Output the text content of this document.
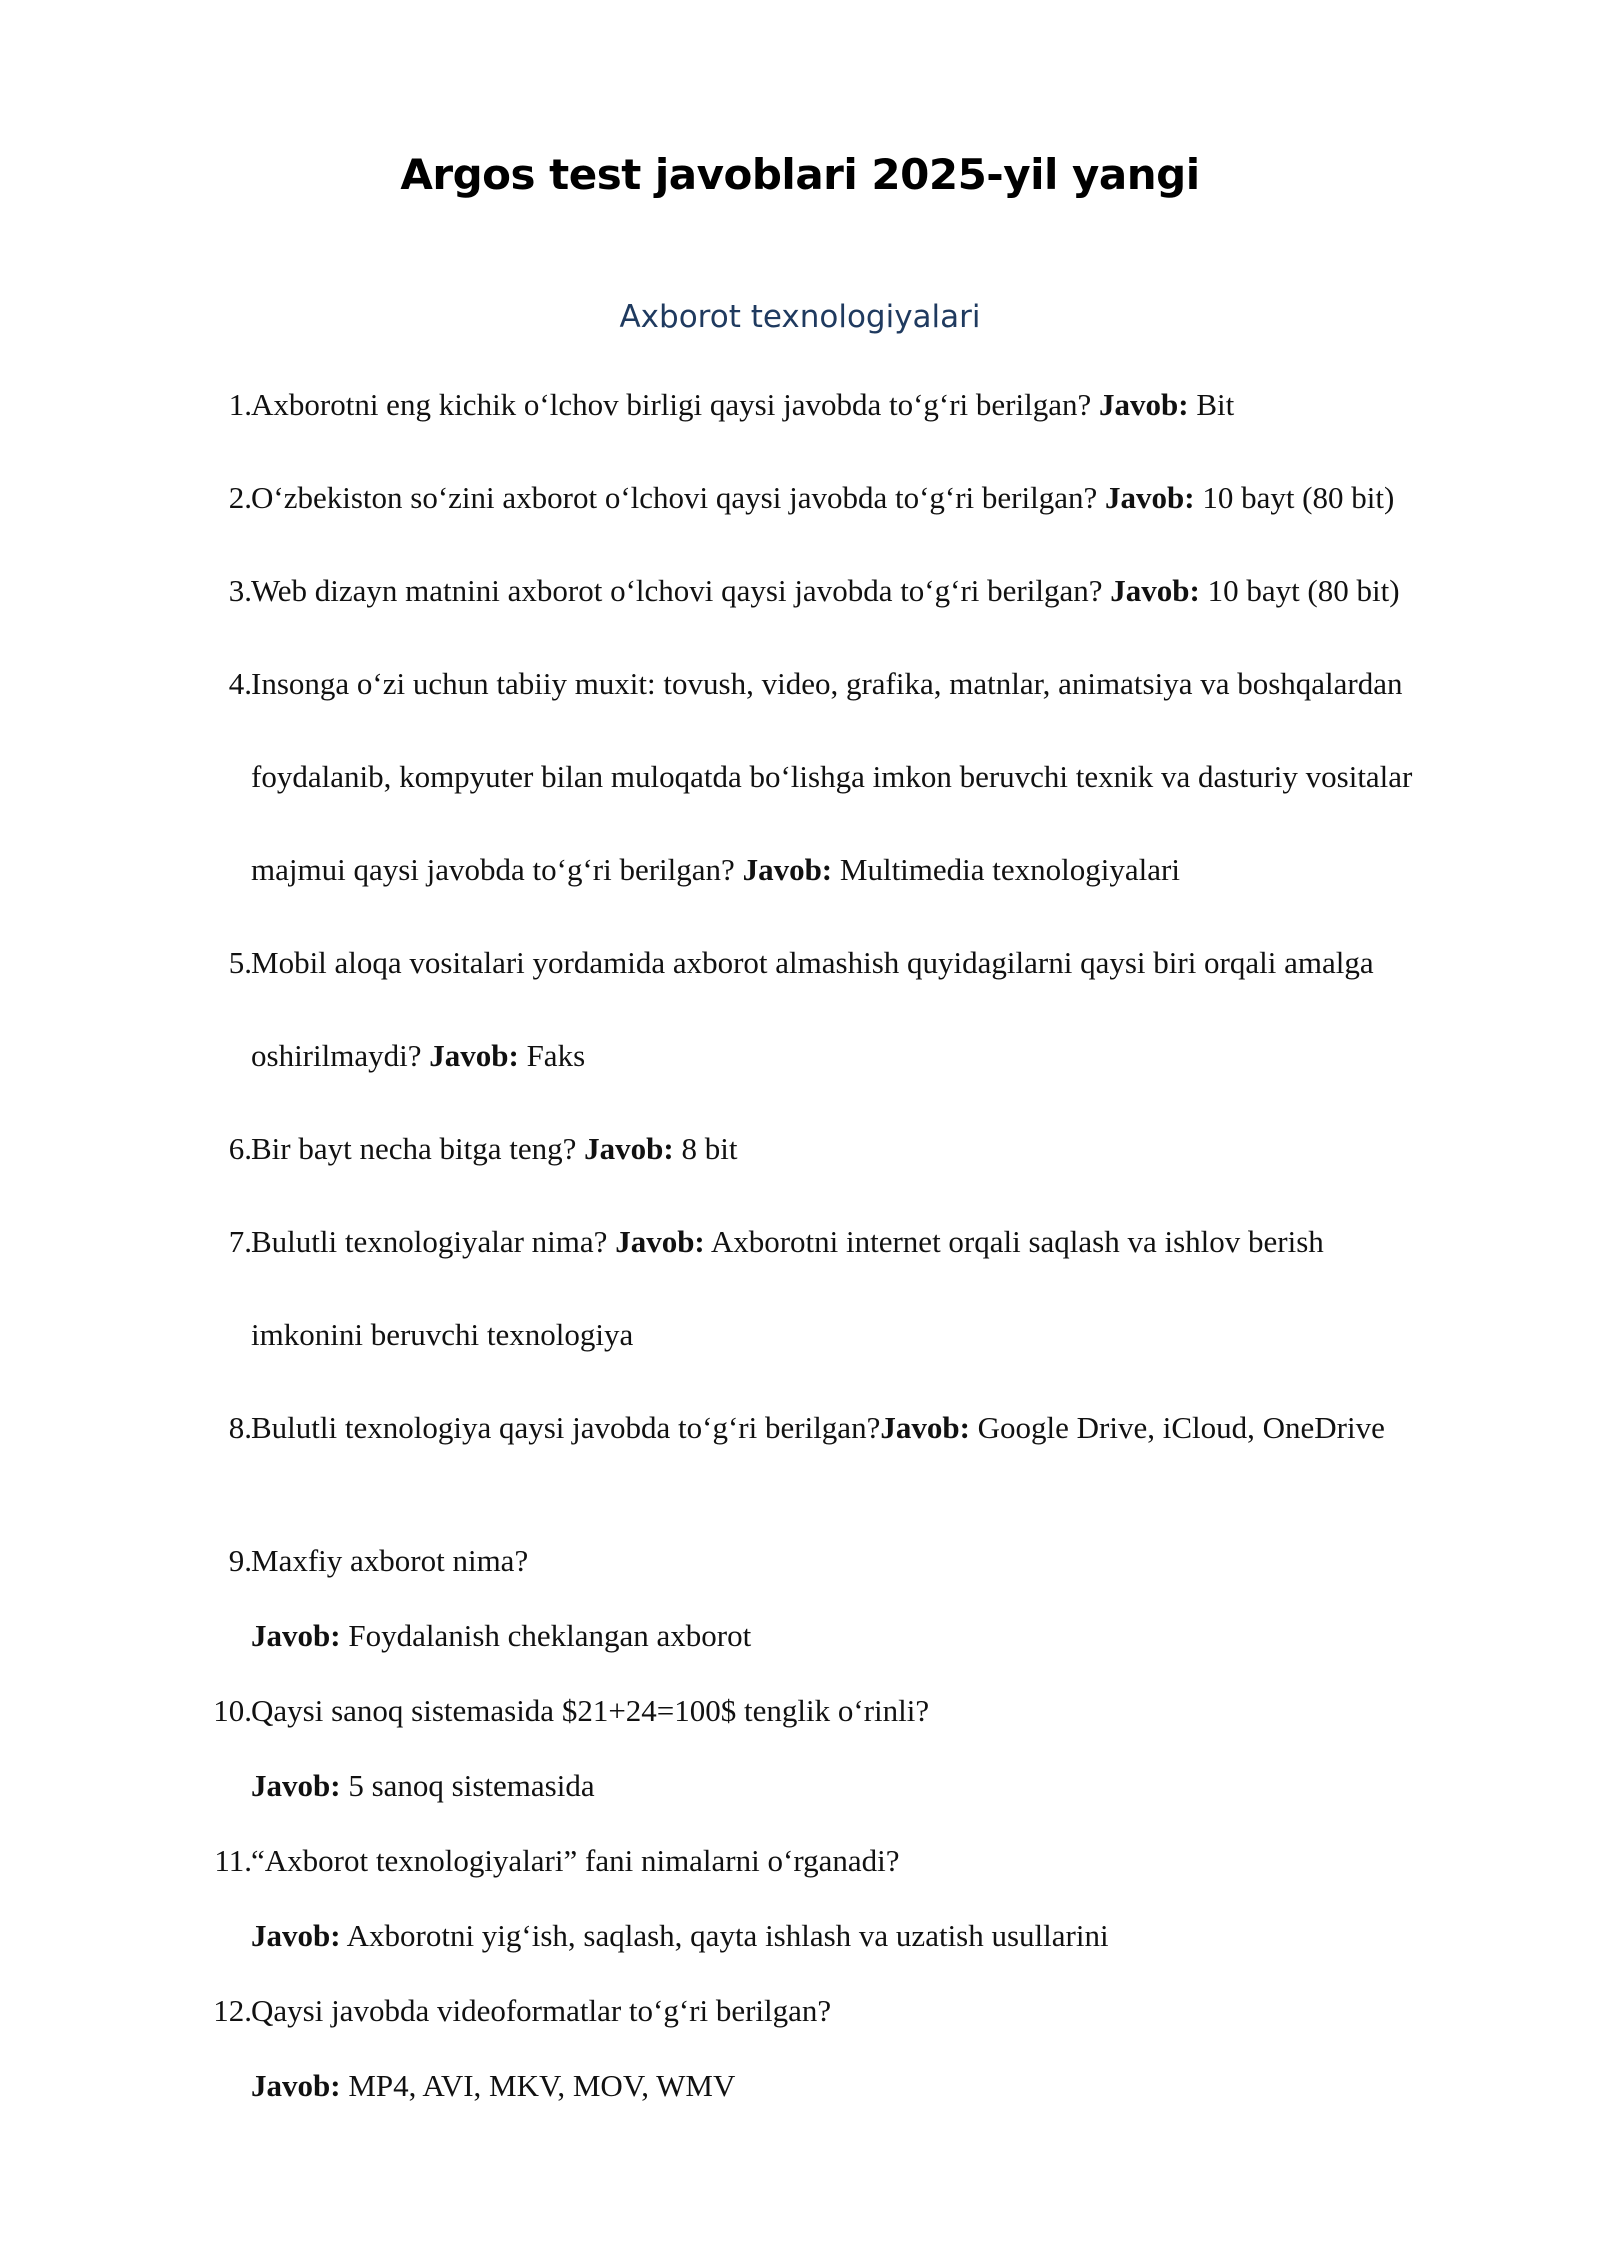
Argos test javoblari 2025-yil yangi
Axborot texnologiyalari
1. Axborotni eng kichik o‘lchov birligi qaysi javobda to‘g‘ri berilgan? Javob: Bit
2. O‘zbekiston so‘zini axborot o‘lchovi qaysi javobda to‘g‘ri berilgan? Javob: 10 bayt (80 bit)
3. Web dizayn matnini axborot o‘lchovi qaysi javobda to‘g‘ri berilgan? Javob: 10 bayt (80 bit)
4. Insonga o‘zi uchun tabiiy muxit: tovush, video, grafika, matnlar, animatsiya va boshqalardan
foydalanib, kompyuter bilan muloqatda bo‘lishga imkon beruvchi texnik va dasturiy vositalar
majmui qaysi javobda to‘g‘ri berilgan? Javob: Multimedia texnologiyalari
5. Mobil aloqa vositalari yordamida axborot almashish quyidagilarni qaysi biri orqali amalga
oshirilmaydi? Javob: Faks
6. Bir bayt necha bitga teng? Javob: 8 bit
7. Bulutli texnologiyalar nima? Javob: Axborotni internet orqali saqlash va ishlov berish
imkonini beruvchi texnologiya
8. Bulutli texnologiya qaysi javobda to‘g‘ri berilgan?Javob: Google Drive, iCloud, OneDrive
9. Maxfiy axborot nima?
Javob: Foydalanish cheklangan axborot
10. Qaysi sanoq sistemasida $21+24=100$ tenglik o‘rinli?
Javob: 5 sanoq sistemasida
11. “Axborot texnologiyalari” fani nimalarni o‘rganadi?
Javob: Axborotni yig‘ish, saqlash, qayta ishlash va uzatish usullarini
12. Qaysi javobda videoformatlar to‘g‘ri berilgan?
Javob: MP4, AVI, MKV, MOV, WMV
